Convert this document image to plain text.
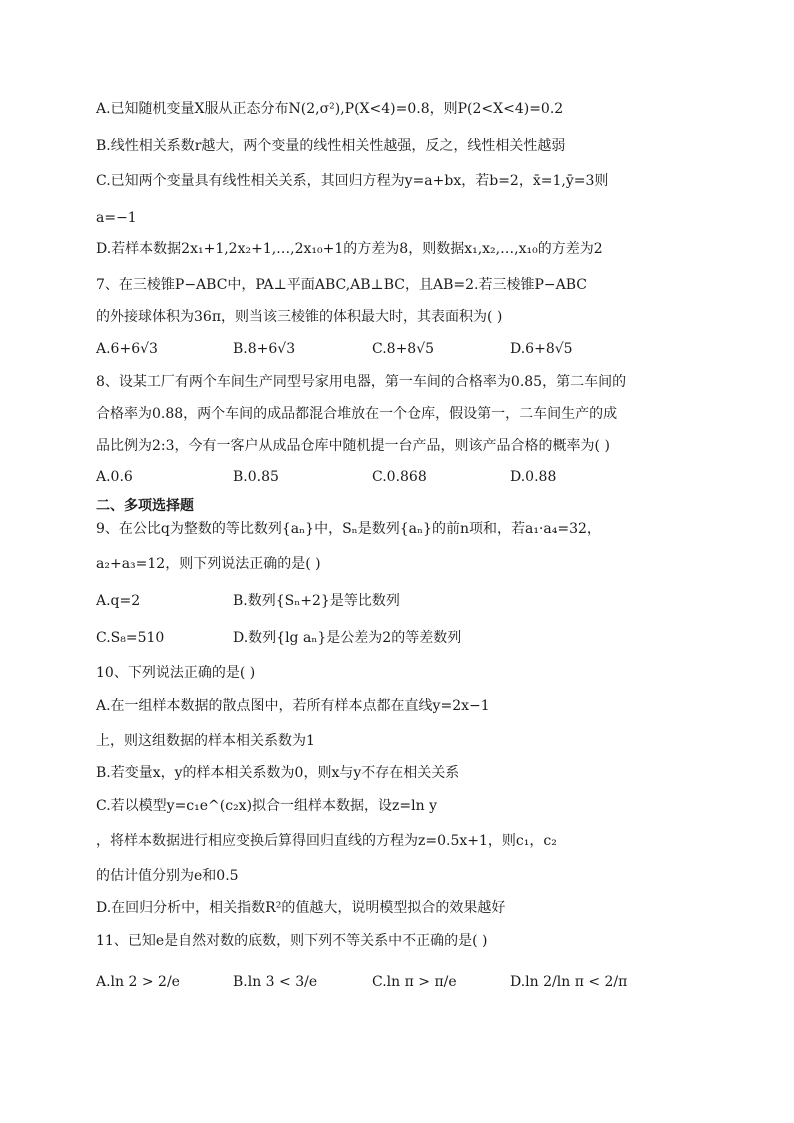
A.已知随机变量X服从正态分布N(2,σ²),P(X<4)=0.8，则P(2<X<4)=0.2
B.线性相关系数r越大，两个变量的线性相关性越强，反之，线性相关性越弱
C.已知两个变量具有线性相关关系，其回归方程为y=a+bx，若b=2，x̄=1,ȳ=3则
a=−1
D.若样本数据2x₁+1,2x₂+1,…,2x₁₀+1的方差为8，则数据x₁,x₂,…,x₁₀的方差为2
7、在三棱锥P−ABC中，PA⊥平面ABC,AB⊥BC，且AB=2.若三棱锥P−ABC
的外接球体积为36π，则当该三棱锥的体积最大时，其表面积为( )
A.6+6√3	B.8+6√3	C.8+8√5	D.6+8√5
8、设某工厂有两个车间生产同型号家用电器，第一车间的合格率为0.85，第二车间的
合格率为0.88，两个车间的成品都混合堆放在一个仓库，假设第一，二车间生产的成
品比例为2:3，今有一客户从成品仓库中随机提一台产品，则该产品合格的概率为( )
A.0.6	B.0.85	C.0.868	D.0.88
二、多项选择题
9、在公比q为整数的等比数列{aₙ}中，Sₙ是数列{aₙ}的前n项和，若a₁·a₄=32，
a₂+a₃=12，则下列说法正确的是( )
A.q=2	B.数列{Sₙ+2}是等比数列
C.S₈=510	D.数列{lg aₙ}是公差为2的等差数列
10、下列说法正确的是( )
A.在一组样本数据的散点图中，若所有样本点都在直线y=2x−1
上，则这组数据的样本相关系数为1
B.若变量x，y的样本相关系数为0，则x与y不存在相关关系
C.若以模型y=c₁e^(c₂x)拟合一组样本数据，设z=ln y
，将样本数据进行相应变换后算得回归直线的方程为z=0.5x+1，则c₁，c₂
的估计值分别为e和0.5
D.在回归分析中，相关指数R²的值越大，说明模型拟合的效果越好
11、已知e是自然对数的底数，则下列不等关系中不正确的是( )
A.ln 2 > 2/e	B.ln 3 < 3/e	C.ln π > π/e	D.ln 2/ln π < 2/π
